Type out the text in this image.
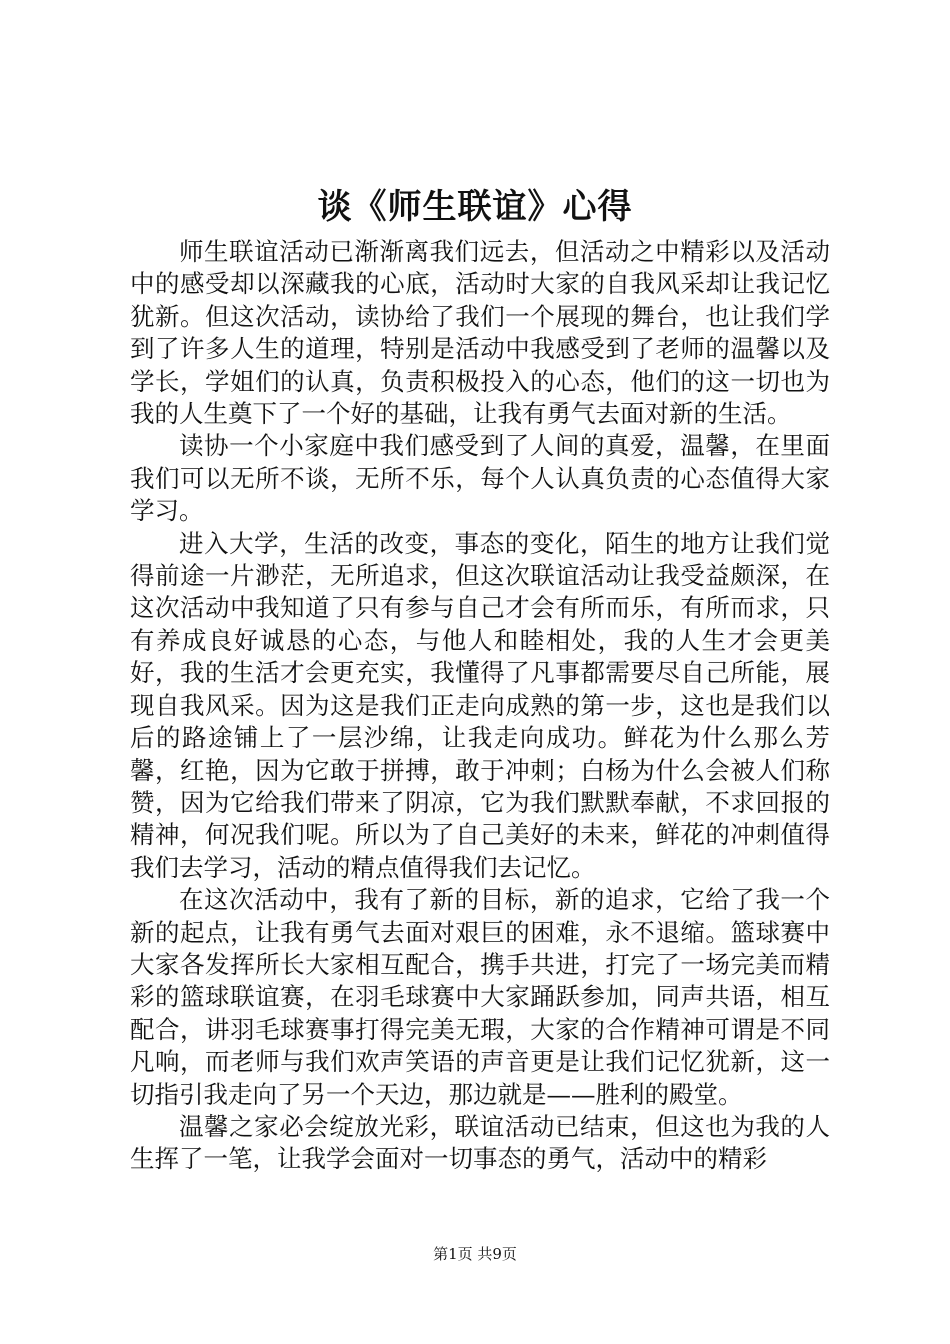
谈《师生联谊》心得

师生联谊活动已渐渐离我们远去，但活动之中精彩以及活动中的感受却以深藏我的心底，活动时大家的自我风采却让我记忆犹新。但这次活动，读协给了我们一个展现的舞台，也让我们学到了许多人生的道理，特别是活动中我感受到了老师的温馨以及学长，学姐们的认真，负责积极投入的心态，他们的这一切也为我的人生奠下了一个好的基础，让我有勇气去面对新的生活。

读协一个小家庭中我们感受到了人间的真爱，温馨，在里面我们可以无所不谈，无所不乐，每个人认真负责的心态值得大家学习。

进入大学，生活的改变，事态的变化，陌生的地方让我们觉得前途一片渺茫，无所追求，但这次联谊活动让我受益颇深，在这次活动中我知道了只有参与自己才会有所而乐，有所而求，只有养成良好诚恳的心态，与他人和睦相处，我的人生才会更美好，我的生活才会更充实，我懂得了凡事都需要尽自己所能，展现自我风采。因为这是我们正走向成熟的第一步，这也是我们以后的路途铺上了一层沙绵，让我走向成功。鲜花为什么那么芳馨，红艳，因为它敢于拼搏，敢于冲刺；白杨为什么会被人们称赞，因为它给我们带来了阴凉，它为我们默默奉献，不求回报的精神，何况我们呢。所以为了自己美好的未来，鲜花的冲刺值得我们去学习，活动的精点值得我们去记忆。

在这次活动中，我有了新的目标，新的追求，它给了我一个新的起点，让我有勇气去面对艰巨的困难，永不退缩。篮球赛中大家各发挥所长大家相互配合，携手共进，打完了一场完美而精彩的篮球联谊赛，在羽毛球赛中大家踊跃参加，同声共语，相互配合，讲羽毛球赛事打得完美无瑕，大家的合作精神可谓是不同凡响，而老师与我们欢声笑语的声音更是让我们记忆犹新，这一切指引我走向了另一个天边，那边就是——胜利的殿堂。

温馨之家必会绽放光彩，联谊活动已结束，但这也为我的人生挥了一笔，让我学会面对一切事态的勇气，活动中的精彩

第1页 共9页
